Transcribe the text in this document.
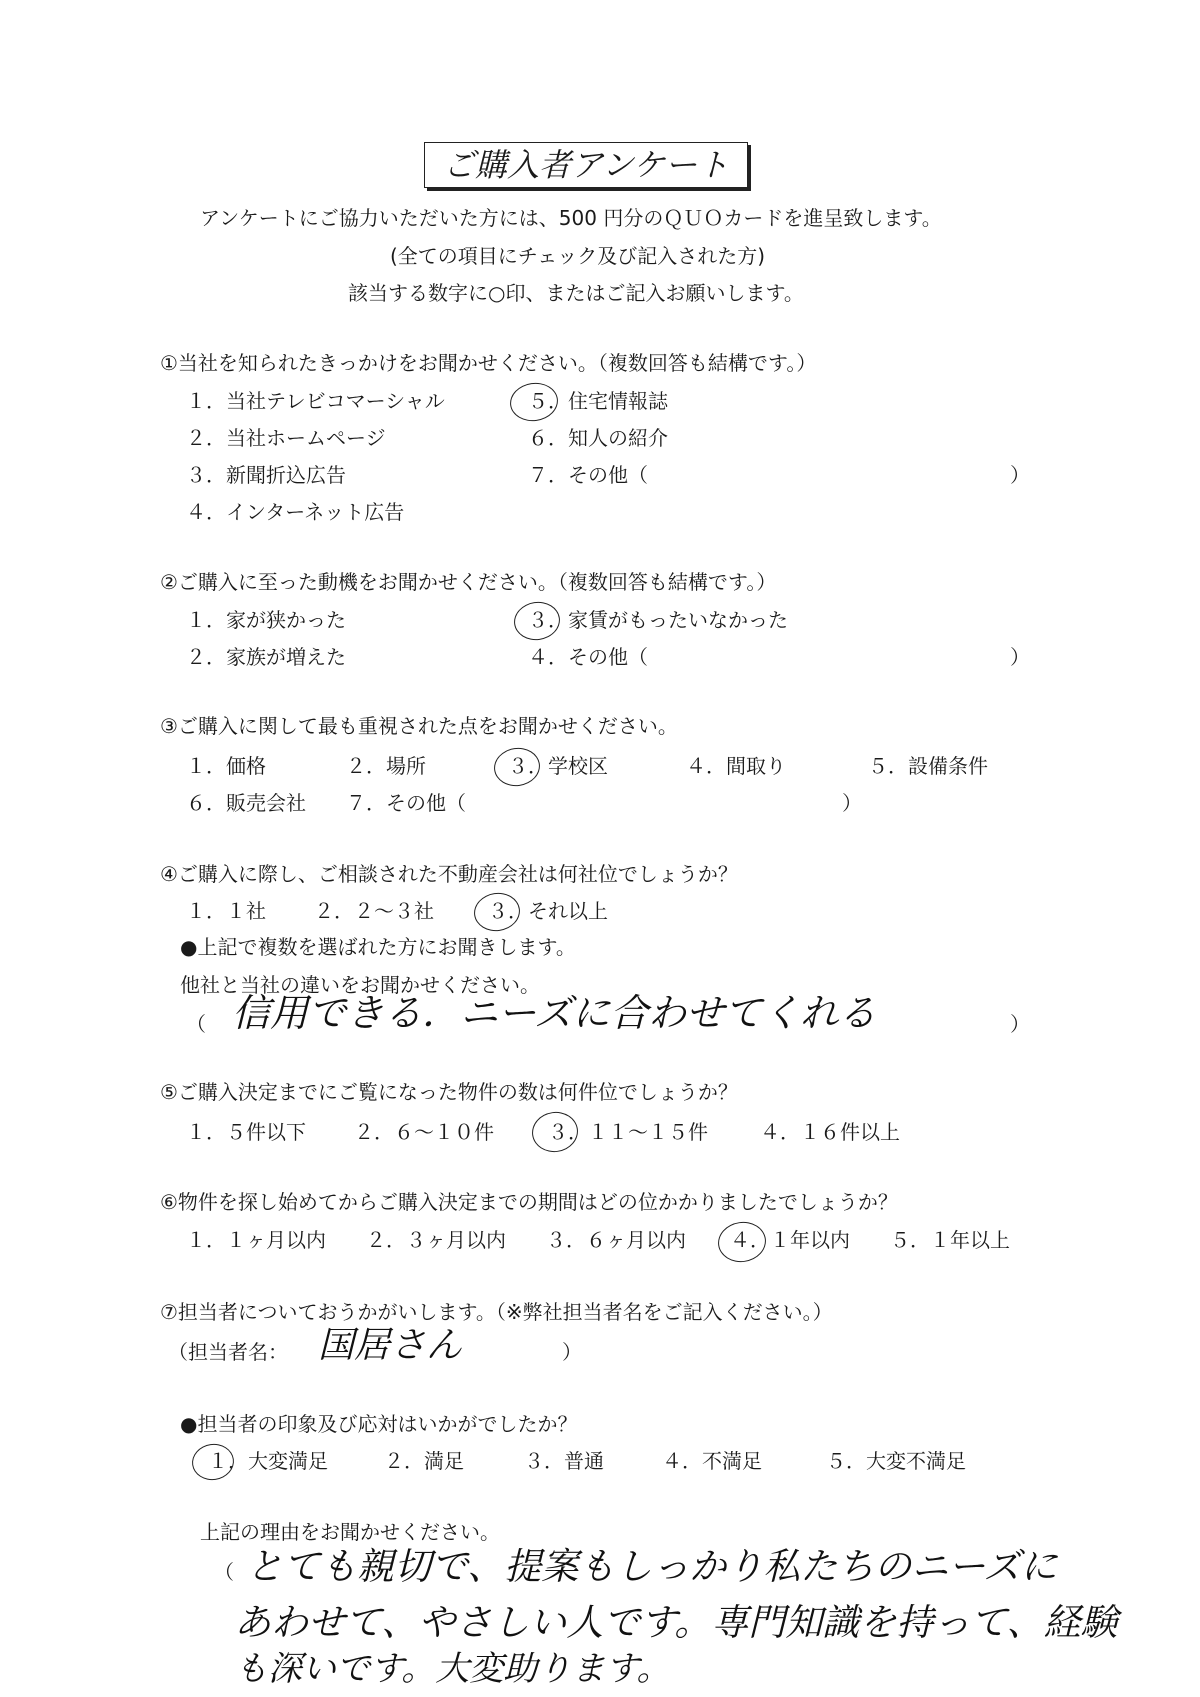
ご購入者アンケート
アンケートにご協力いただいた方には、500 円分のＱＵＯカードを進呈致します。
(全ての項目にチェック及び記入された方)
該当する数字に○印、またはご記入お願いします。
①当社を知られたきっかけをお聞かせください。（複数回答も結構です。）
１．当社テレビコマーシャル
２．当社ホームページ
３．新聞折込広告
４．インターネット広告
５．住宅情報誌
６．知人の紹介
７．その他（	）
②ご購入に至った動機をお聞かせください。（複数回答も結構です。）
１．家が狭かった
２．家族が増えた
３．家賃がもったいなかった
４．その他（	）
③ご購入に関して最も重視された点をお聞かせください。
１．価格	２．場所	３．学校区	４．間取り	５．設備条件
６．販売会社 ７．その他（	）
④ご購入に際し、ご相談された不動産会社は何社位でしょうか？
１．１社 ２．２～３社	３．それ以上
●上記で複数を選ばれた方にお聞きします。
他社と当社の違いをお聞かせください。
（ 信用できる．ニーズに合わせてくれる	）
⑤ご購入決定までにご覧になった物件の数は何件位でしょうか？
１．５件以下 ２．６～１０件	３．１１～１５件	４．１６件以上
⑥物件を探し始めてからご購入決定までの期間はどの位かかりましたでしょうか？
１．１ヶ月以内 ２．３ヶ月以内 ３．６ヶ月以内 ４．１年以内 ５．１年以上
⑦担当者についておうかがいします。（※弊社担当者名をご記入ください。）
（担当者名： 国居さん	）
●担当者の印象及び応対はいかがでしたか？
１．大変満足	２．満足	３．普通	４．不満足	５．大変不満足
上記の理由をお聞かせください。
（ とても親切で、提案もしっかり私たちのニーズに
あわせて、やさしい人です。専門知識を持って、経験
も深いです。大変助ります。
